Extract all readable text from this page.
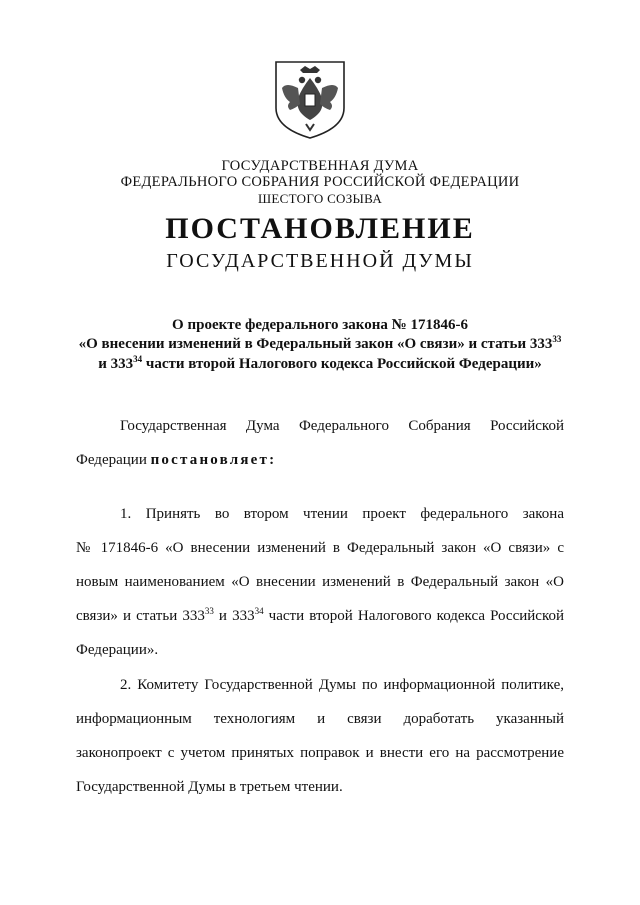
ГОСУДАРСТВЕННАЯ ДУМА
ФЕДЕРАЛЬНОГО СОБРАНИЯ РОССИЙСКОЙ ФЕДЕРАЦИИ
ШЕСТОГО СОЗЫВА
ПОСТАНОВЛЕНИЕ
ГОСУДАРСТВЕННОЙ ДУМЫ
О проекте федерального закона № 171846-6
«О внесении изменений в Федеральный закон «О связи» и статьи $333^{33}$
и $333^{34}$ части второй Налогового кодекса Российской Федерации»
Государственная Дума Федерального Собрания Российской
Федерации постановляет:
1. Принять во втором чтении проект федерального закона
№ 171846-6 «О внесении изменений в Федеральный закон «О связи» с
новым наименованием «О внесении изменений в Федеральный закон «О
связи» и статьи $333^{33}$ и $333^{34}$ части второй Налогового кодекса Российской
Федерации».
2. Комитету Государственной Думы по информационной политике,
информационным технологиям и связи доработать указанный
законопроект с учетом принятых поправок и внести его на рассмотрение
Государственной Думы в третьем чтении.
